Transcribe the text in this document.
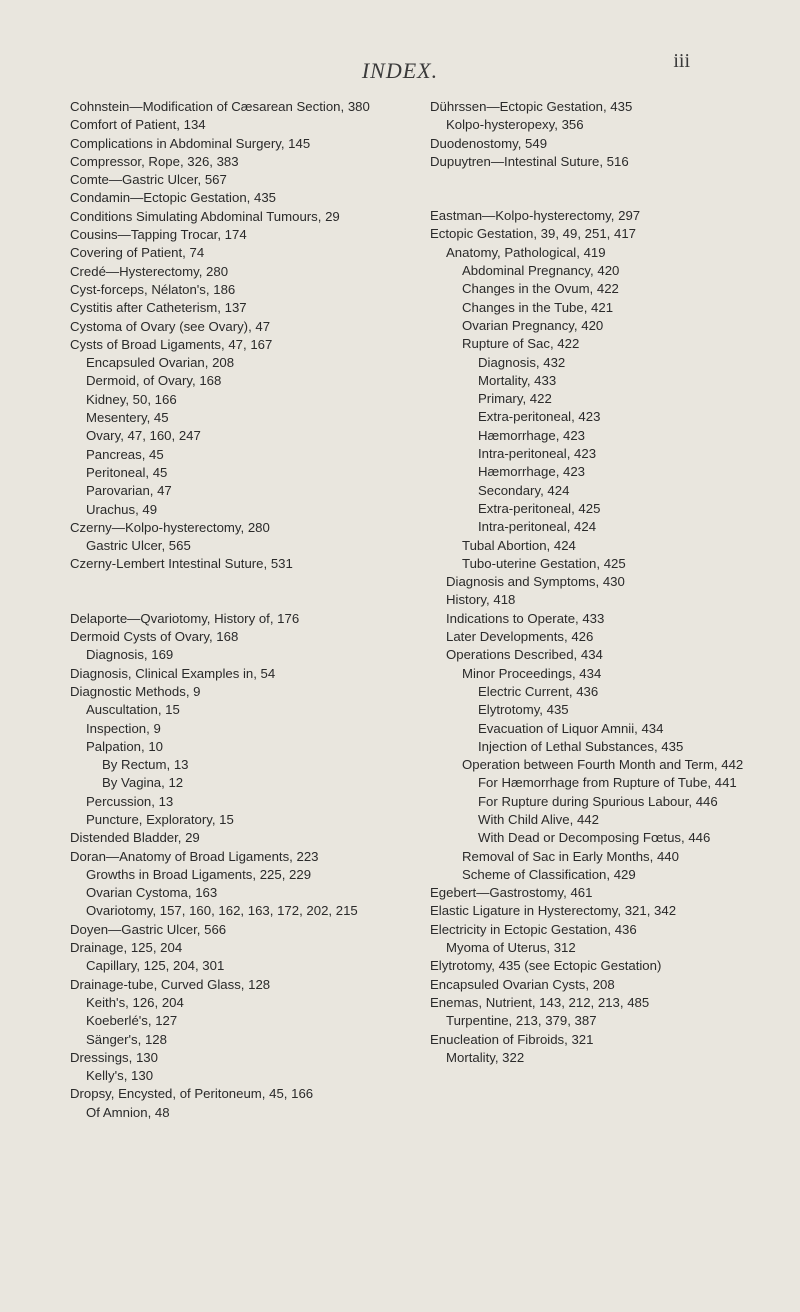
INDEX.	iii
Cohnstein—Modification of Cæsarean Section, 380
Comfort of Patient, 134
Complications in Abdominal Surgery, 145
Compressor, Rope, 326, 383
Comte—Gastric Ulcer, 567
Condamin—Ectopic Gestation, 435
Conditions Simulating Abdominal Tumours, 29
Cousins—Tapping Trocar, 174
Covering of Patient, 74
Credé—Hysterectomy, 280
Cyst-forceps, Nélaton's, 186
Cystitis after Catheterism, 137
Cystoma of Ovary (see Ovary), 47
Cysts of Broad Ligaments, 47, 167
Encapsuled Ovarian, 208
Dermoid, of Ovary, 168
Kidney, 50, 166
Mesentery, 45
Ovary, 47, 160, 247
Pancreas, 45
Peritoneal, 45
Parovarian, 47
Urachus, 49
Czerny—Kolpo-hysterectomy, 280
Gastric Ulcer, 565
Czerny-Lembert Intestinal Suture, 531
Delaporte—Qvariotomy, History of, 176
Dermoid Cysts of Ovary, 168
Diagnosis, 169
Diagnosis, Clinical Examples in, 54
Diagnostic Methods, 9
Auscultation, 15
Inspection, 9
Palpation, 10
By Rectum, 13
By Vagina, 12
Percussion, 13
Puncture, Exploratory, 15
Distended Bladder, 29
Doran—Anatomy of Broad Ligaments, 223
Growths in Broad Ligaments, 225, 229
Ovarian Cystoma, 163
Ovariotomy, 157, 160, 162, 163, 172, 202, 215
Doyen—Gastric Ulcer, 566
Drainage, 125, 204
Capillary, 125, 204, 301
Drainage-tube, Curved Glass, 128
Keith's, 126, 204
Koeberlé's, 127
Sänger's, 128
Dressings, 130
Kelly's, 130
Dropsy, Encysted, of Peritoneum, 45, 166
Of Amnion, 48
Dührssen—Ectopic Gestation, 435
Kolpo-hysteropexy, 356
Duodenostomy, 549
Dupuytren—Intestinal Suture, 516
Eastman—Kolpo-hysterectomy, 297
Ectopic Gestation, 39, 49, 251, 417
Anatomy, Pathological, 419
Abdominal Pregnancy, 420
Changes in the Ovum, 422
Changes in the Tube, 421
Ovarian Pregnancy, 420
Rupture of Sac, 422
Diagnosis, 432
Mortality, 433
Primary, 422
Extra-peritoneal, 423
Hæmorrhage, 423
Intra-peritoneal, 423
Hæmorrhage, 423
Secondary, 424
Extra-peritoneal, 425
Intra-peritoneal, 424
Tubal Abortion, 424
Tubo-uterine Gestation, 425
Diagnosis and Symptoms, 430
History, 418
Indications to Operate, 433
Later Developments, 426
Operations Described, 434
Minor Proceedings, 434
Electric Current, 436
Elytrotomy, 435
Evacuation of Liquor Amnii, 434
Injection of Lethal Substances, 435
Operation between Fourth Month and Term, 442
For Hæmorrhage from Rupture of Tube, 441
For Rupture during Spurious Labour, 446
With Child Alive, 442
With Dead or Decomposing Fœtus, 446
Removal of Sac in Early Months, 440
Scheme of Classification, 429
Egebert—Gastrostomy, 461
Elastic Ligature in Hysterectomy, 321, 342
Electricity in Ectopic Gestation, 436
Myoma of Uterus, 312
Elytrotomy, 435 (see Ectopic Gestation)
Encapsuled Ovarian Cysts, 208
Enemas, Nutrient, 143, 212, 213, 485
Turpentine, 213, 379, 387
Enucleation of Fibroids, 321
Mortality, 322
